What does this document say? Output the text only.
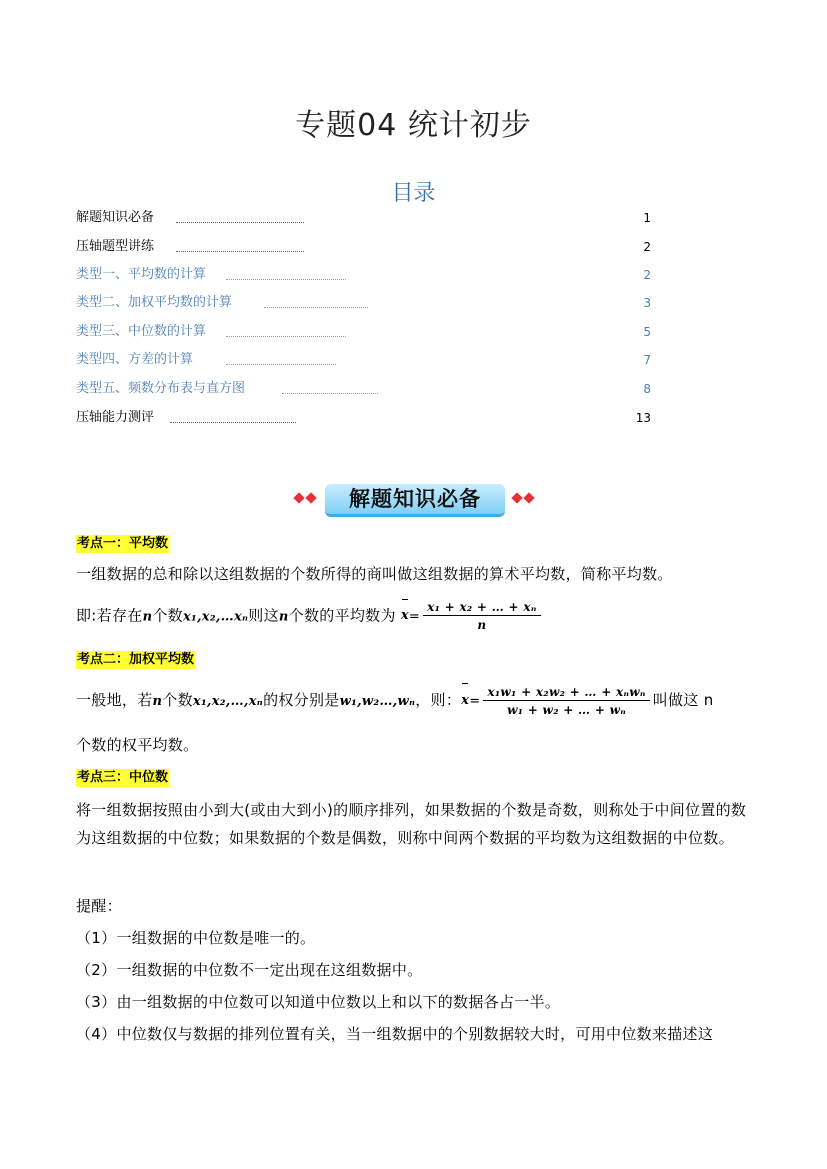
专题04 统计初步
目录
解题知识必备	1
压轴题型讲练	2
类型一、平均数的计算	2
类型二、加权平均数的计算	3
类型三、中位数的计算	5
类型四、方差的计算	7
类型五、频数分布表与直方图	8
压轴能力测评	13
解题知识必备
考点一：平均数
一组数据的总和除以这组数据的个数所得的商叫做这组数据的算术平均数，简称平均数。
即:若存在n个数x₁,x₂,…xₙ则这n个数的平均数为 $x= \frac{\text{x₁ + x₂ + … + xₙ}}{n}$
考点二：加权平均数
一般地，若n个数x₁,x₂,…,xₙ的权分别是w₁,w₂…,wₙ，则：$x= \frac{\text{x₁w₁ + x₂w₂ + … + xₙwₙ}}{\text{w₁ + w₂ + … + wₙ}}$ 叫做这 n
个数的权平均数。
考点三：中位数
将一组数据按照由小到大(或由大到小)的顺序排列，如果数据的个数是奇数，则称处于中间位置的数为这组数据的中位数；如果数据的个数是偶数，则称中间两个数据的平均数为这组数据的中位数。
提醒：
（1）一组数据的中位数是唯一的。
（2）一组数据的中位数不一定出现在这组数据中。
（3）由一组数据的中位数可以知道中位数以上和以下的数据各占一半。
（4）中位数仅与数据的排列位置有关，当一组数据中的个别数据较大时，可用中位数来描述这
